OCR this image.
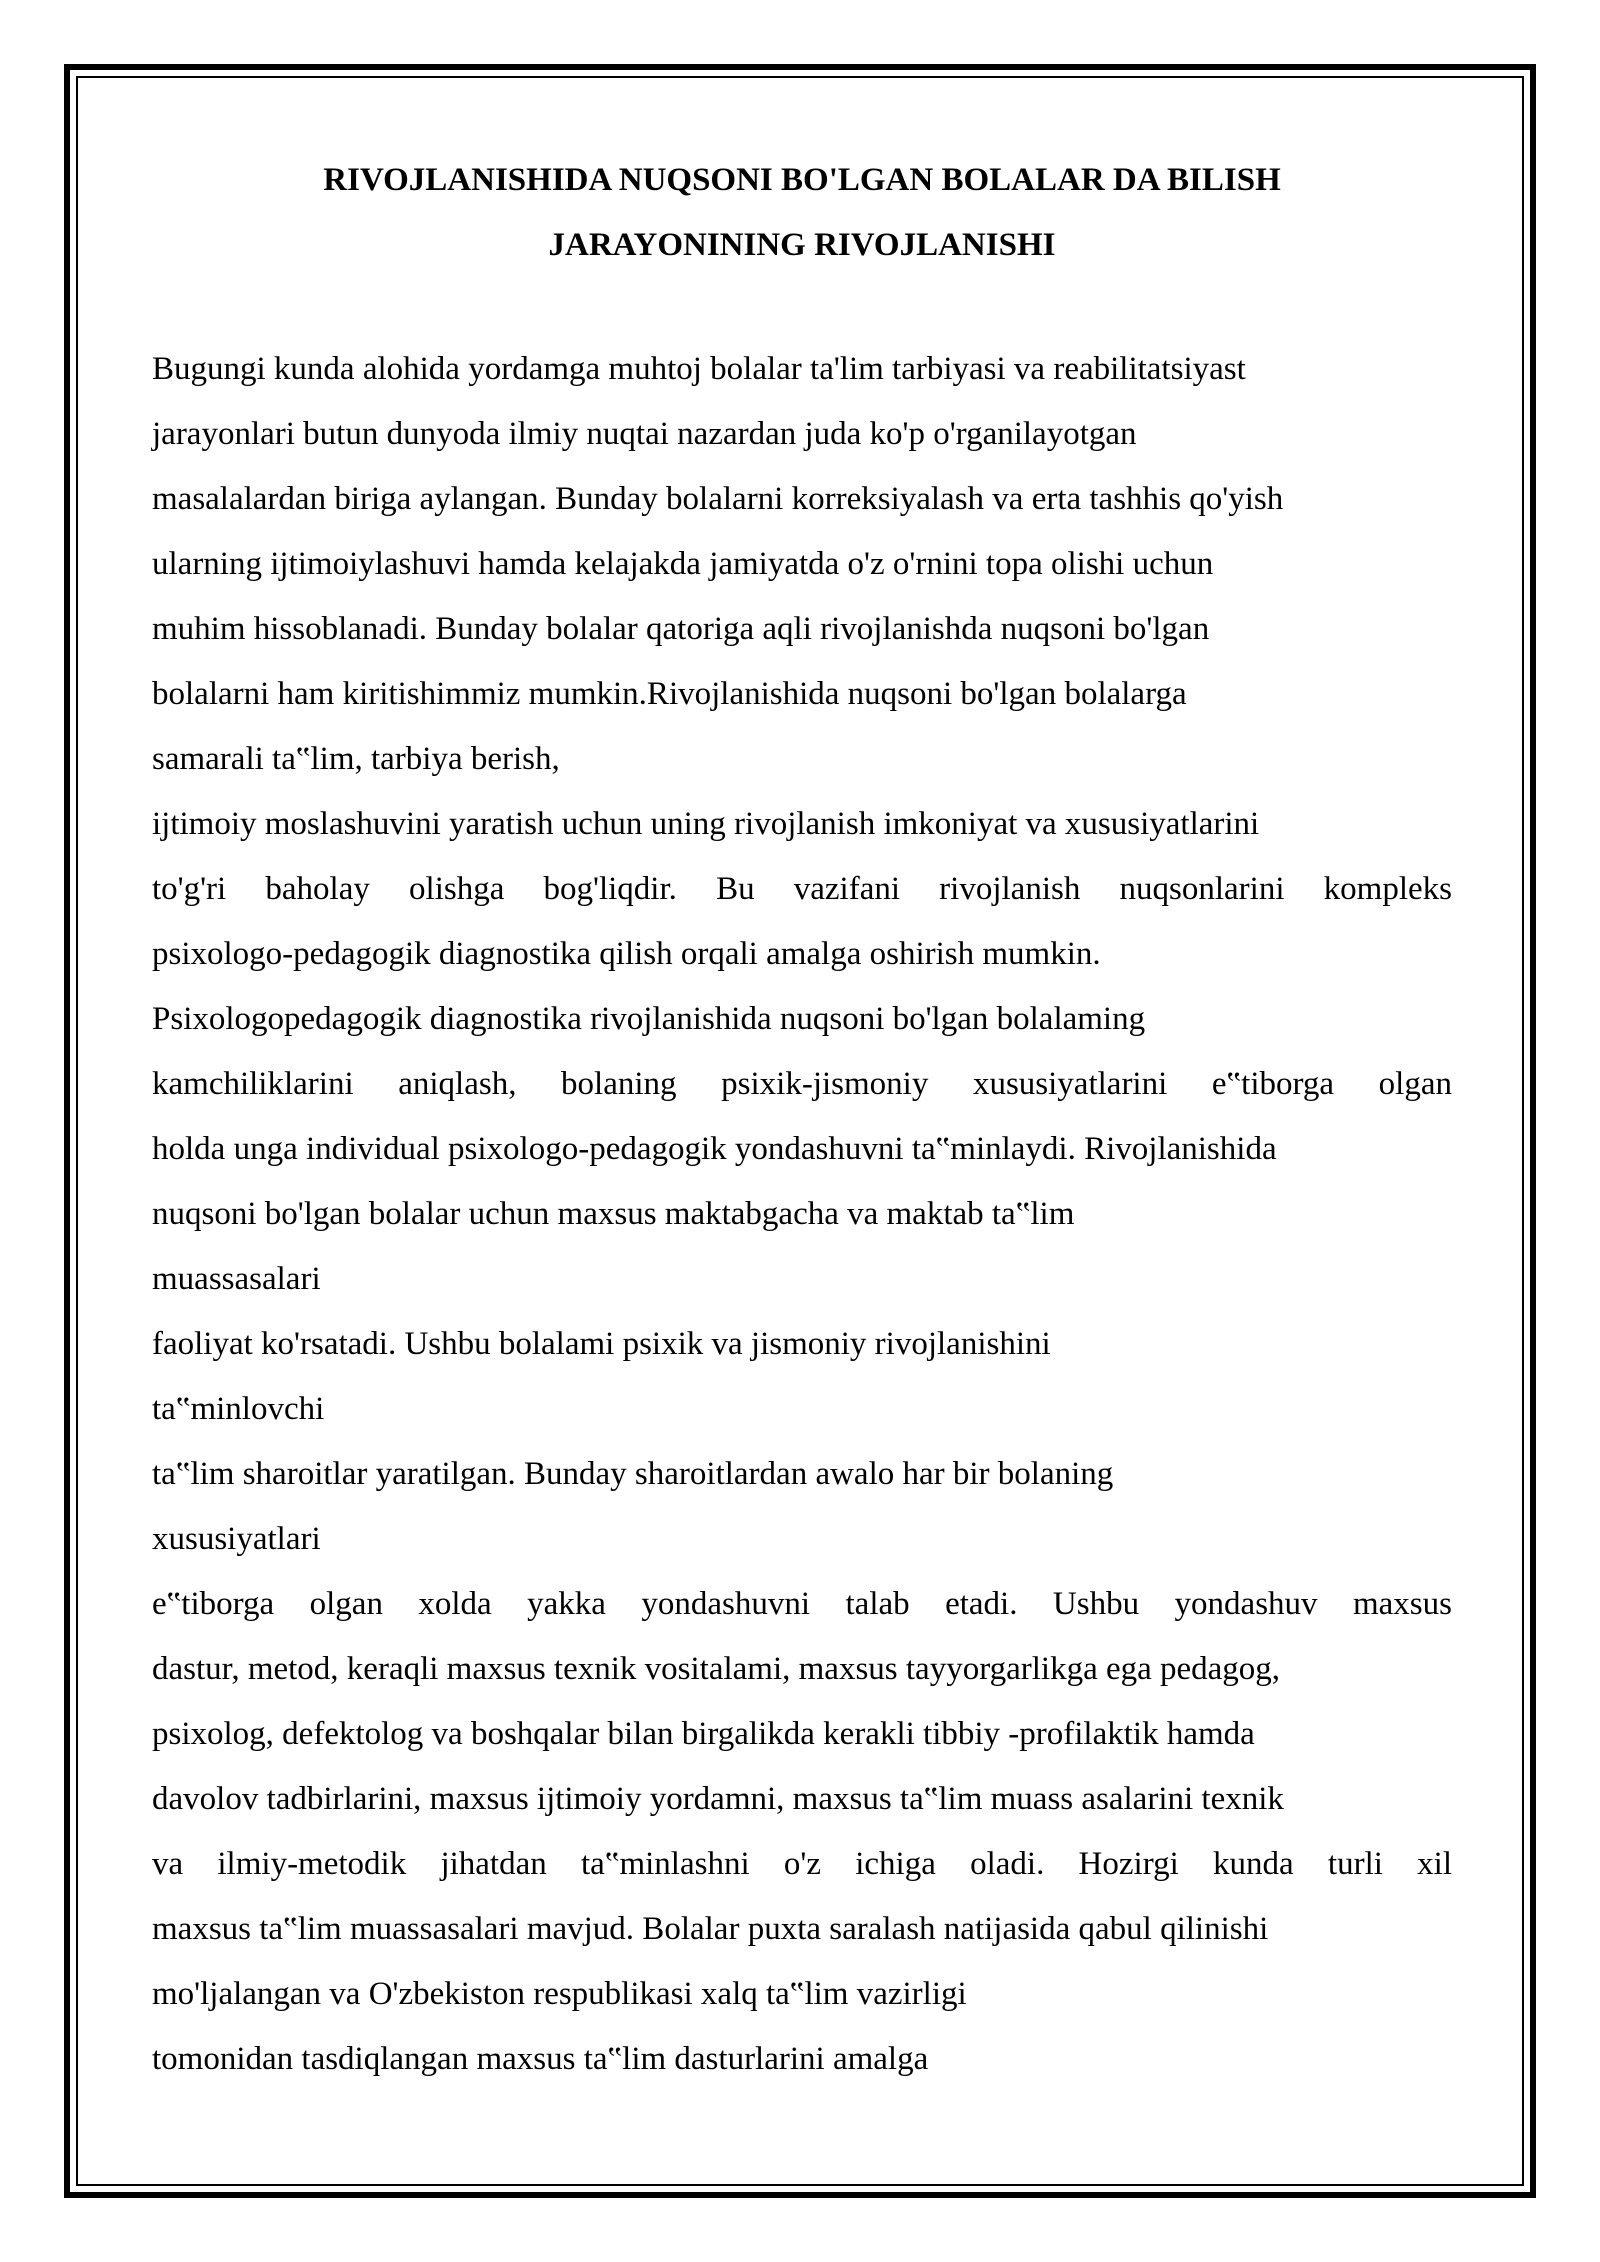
RIVOJLANISHIDA NUQSONI BO'LGAN BOLALAR DA BILISH
JARAYONINING RIVOJLANISHI
Bugungi kunda alohida yordamga muhtoj bolalar ta'lim tarbiyasi va reabilitatsiyast
jarayonlari butun dunyoda ilmiy nuqtai nazardan juda ko'p o'rganilayotgan
masalalardan biriga aylangan. Bunday bolalarni korreksiyalash va erta tashhis qo'yish
ularning ijtimoiylashuvi hamda kelajakda jamiyatda o'z o'rnini topa olishi uchun
muhim hissoblanadi. Bunday bolalar qatoriga aqli rivojlanishda nuqsoni bo'lgan
bolalarni ham kiritishimmiz mumkin.Rivojlanishida nuqsoni bo'lgan bolalarga
samarali ta‟lim, tarbiya berish,
ijtimoiy moslashuvini yaratish uchun uning rivojlanish imkoniyat va xususiyatlarini
to'g'ri baholay olishga bog'liqdir. Bu vazifani rivojlanish nuqsonlarini kompleks
psixologo-pedagogik diagnostika qilish orqali amalga oshirish mumkin.
Psixologopedagogik diagnostika rivojlanishida nuqsoni bo'lgan bolalaming
kamchiliklarini aniqlash, bolaning psixik-jismoniy xususiyatlarini e‟tiborga olgan
holda unga individual psixologo-pedagogik yondashuvni ta‟minlaydi. Rivojlanishida
nuqsoni bo'lgan bolalar uchun maxsus maktabgacha va maktab ta‟lim
muassasalari
faoliyat ko'rsatadi. Ushbu bolalami psixik va jismoniy rivojlanishini
ta‟minlovchi
ta‟lim sharoitlar yaratilgan. Bunday sharoitlardan awalo har bir bolaning
xususiyatlari
e‟tiborga olgan xolda yakka yondashuvni talab etadi. Ushbu yondashuv maxsus
dastur, metod, keraqli maxsus texnik vositalami, maxsus tayyorgarlikga ega pedagog,
psixolog, defektolog va boshqalar bilan birgalikda kerakli tibbiy -profilaktik hamda
davolov tadbirlarini, maxsus ijtimoiy yordamni, maxsus ta‟lim muass asalarini texnik
va ilmiy-metodik jihatdan ta‟minlashni o'z ichiga oladi. Hozirgi kunda turli xil
maxsus ta‟lim muassasalari mavjud. Bolalar puxta saralash natijasida qabul qilinishi
mo'ljalangan va O'zbekiston respublikasi xalq ta‟lim vazirligi
tomonidan tasdiqlangan maxsus ta‟lim dasturlarini amalga
